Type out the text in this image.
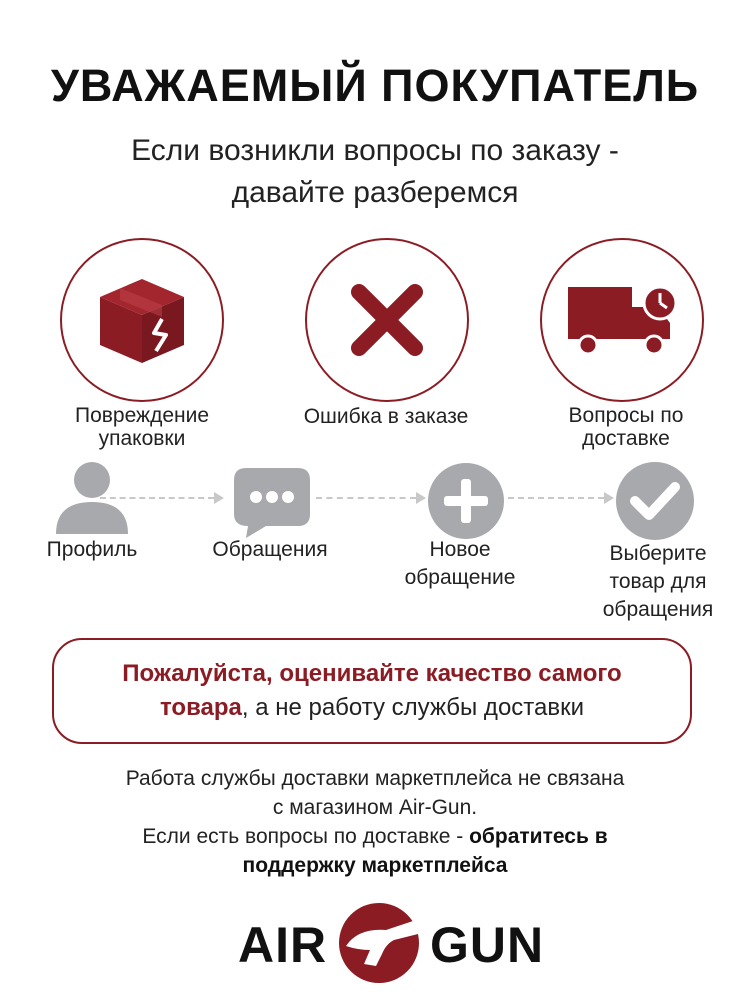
УВАЖАЕМЫЙ ПОКУПАТЕЛЬ
Если возникли вопросы по заказу -
давайте разберемся
Повреждение
упаковки
Ошибка в заказе	Вопросы по
доставке
Профиль	Обращения	Новое
обращение
Выберите
товар для
обращения
Пожалуйста, оценивайте качество самого
товара, а не работу службы доставки
Работа службы доставки маркетплейса не связана
с магазином Air-Gun.
Если есть вопросы по доставке - обратитесь в
поддержку маркетплейса
AIR GUN
